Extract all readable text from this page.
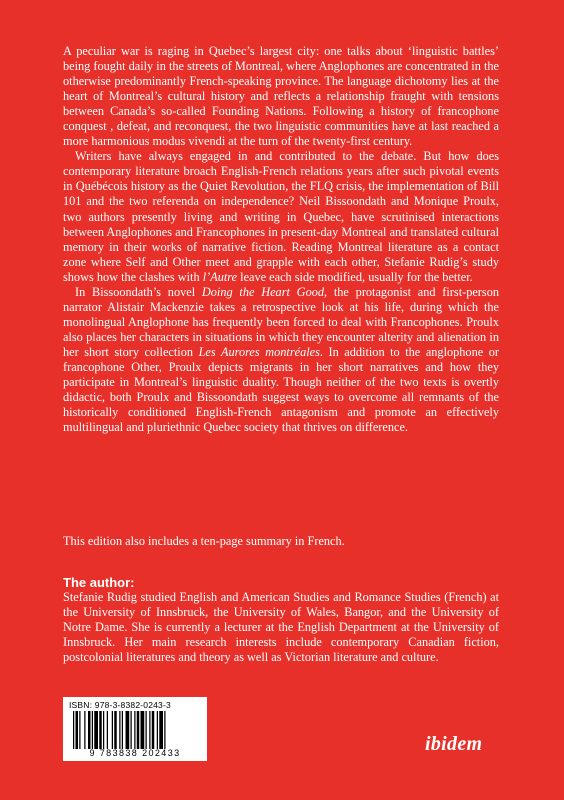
A peculiar war is raging in Quebec’s largest city: one talks about ‘linguistic battles’ being fought daily in the streets of Montreal, where Anglophones are concentrated in the otherwise predominantly French-speaking province. The language dichotomy lies at the heart of Montreal’s cultural history and reflects a relationship fraught with tensions between Canada’s so-called Founding Nations. Following a history of francophone conquest , defeat, and reconquest, the two linguistic communities have at last reached a more harmonious modus vivendi at the turn of the twenty-first century.

Writers have always engaged in and contributed to the debate. But how does contemporary literature broach English-French relations years after such pivotal events in Québécois history as the Quiet Revolution, the FLQ crisis, the implementation of Bill 101 and the two referenda on independence? Neil Bissoondath and Monique Proulx, two authors presently living and writing in Quebec, have scrutinised interactions between Anglophones and Francophones in present-day Montreal and translated cultural memory in their works of narrative fiction. Reading Montreal literature as a contact zone where Self and Other meet and grapple with each other, Stefanie Rudig’s study shows how the clashes with l’Autre leave each side modified, usually for the better.

In Bissoondath’s novel Doing the Heart Good, the protagonist and first-person narrator Alistair Mackenzie takes a retrospective look at his life, during which the monolingual Anglophone has frequently been forced to deal with Francophones. Proulx also places her characters in situations in which they encounter alterity and alienation in her short story collection Les Aurores montréales. In addition to the anglophone or francophone Other, Proulx depicts migrants in her short narratives and how they participate in Montreal’s linguistic duality. Though neither of the two texts is overtly didactic, both Proulx and Bissoondath suggest ways to overcome all remnants of the historically conditioned English-French antagonism and promote an effectively multilingual and pluriethnic Quebec society that thrives on difference.

This edition also includes a ten-page summary in French.
The author:
Stefanie Rudig studied English and American Studies and Romance Studies (French) at the University of Innsbruck, the University of Wales, Bangor, and the University of Notre Dame. She is currently a lecturer at the English Department at the University of Innsbruck. Her main research interests include contemporary Canadian fiction, postcolonial literatures and theory as well as Victorian literature and culture.
ISBN: 978-3-8382-0243-3
9 783838 202433	ibidem
